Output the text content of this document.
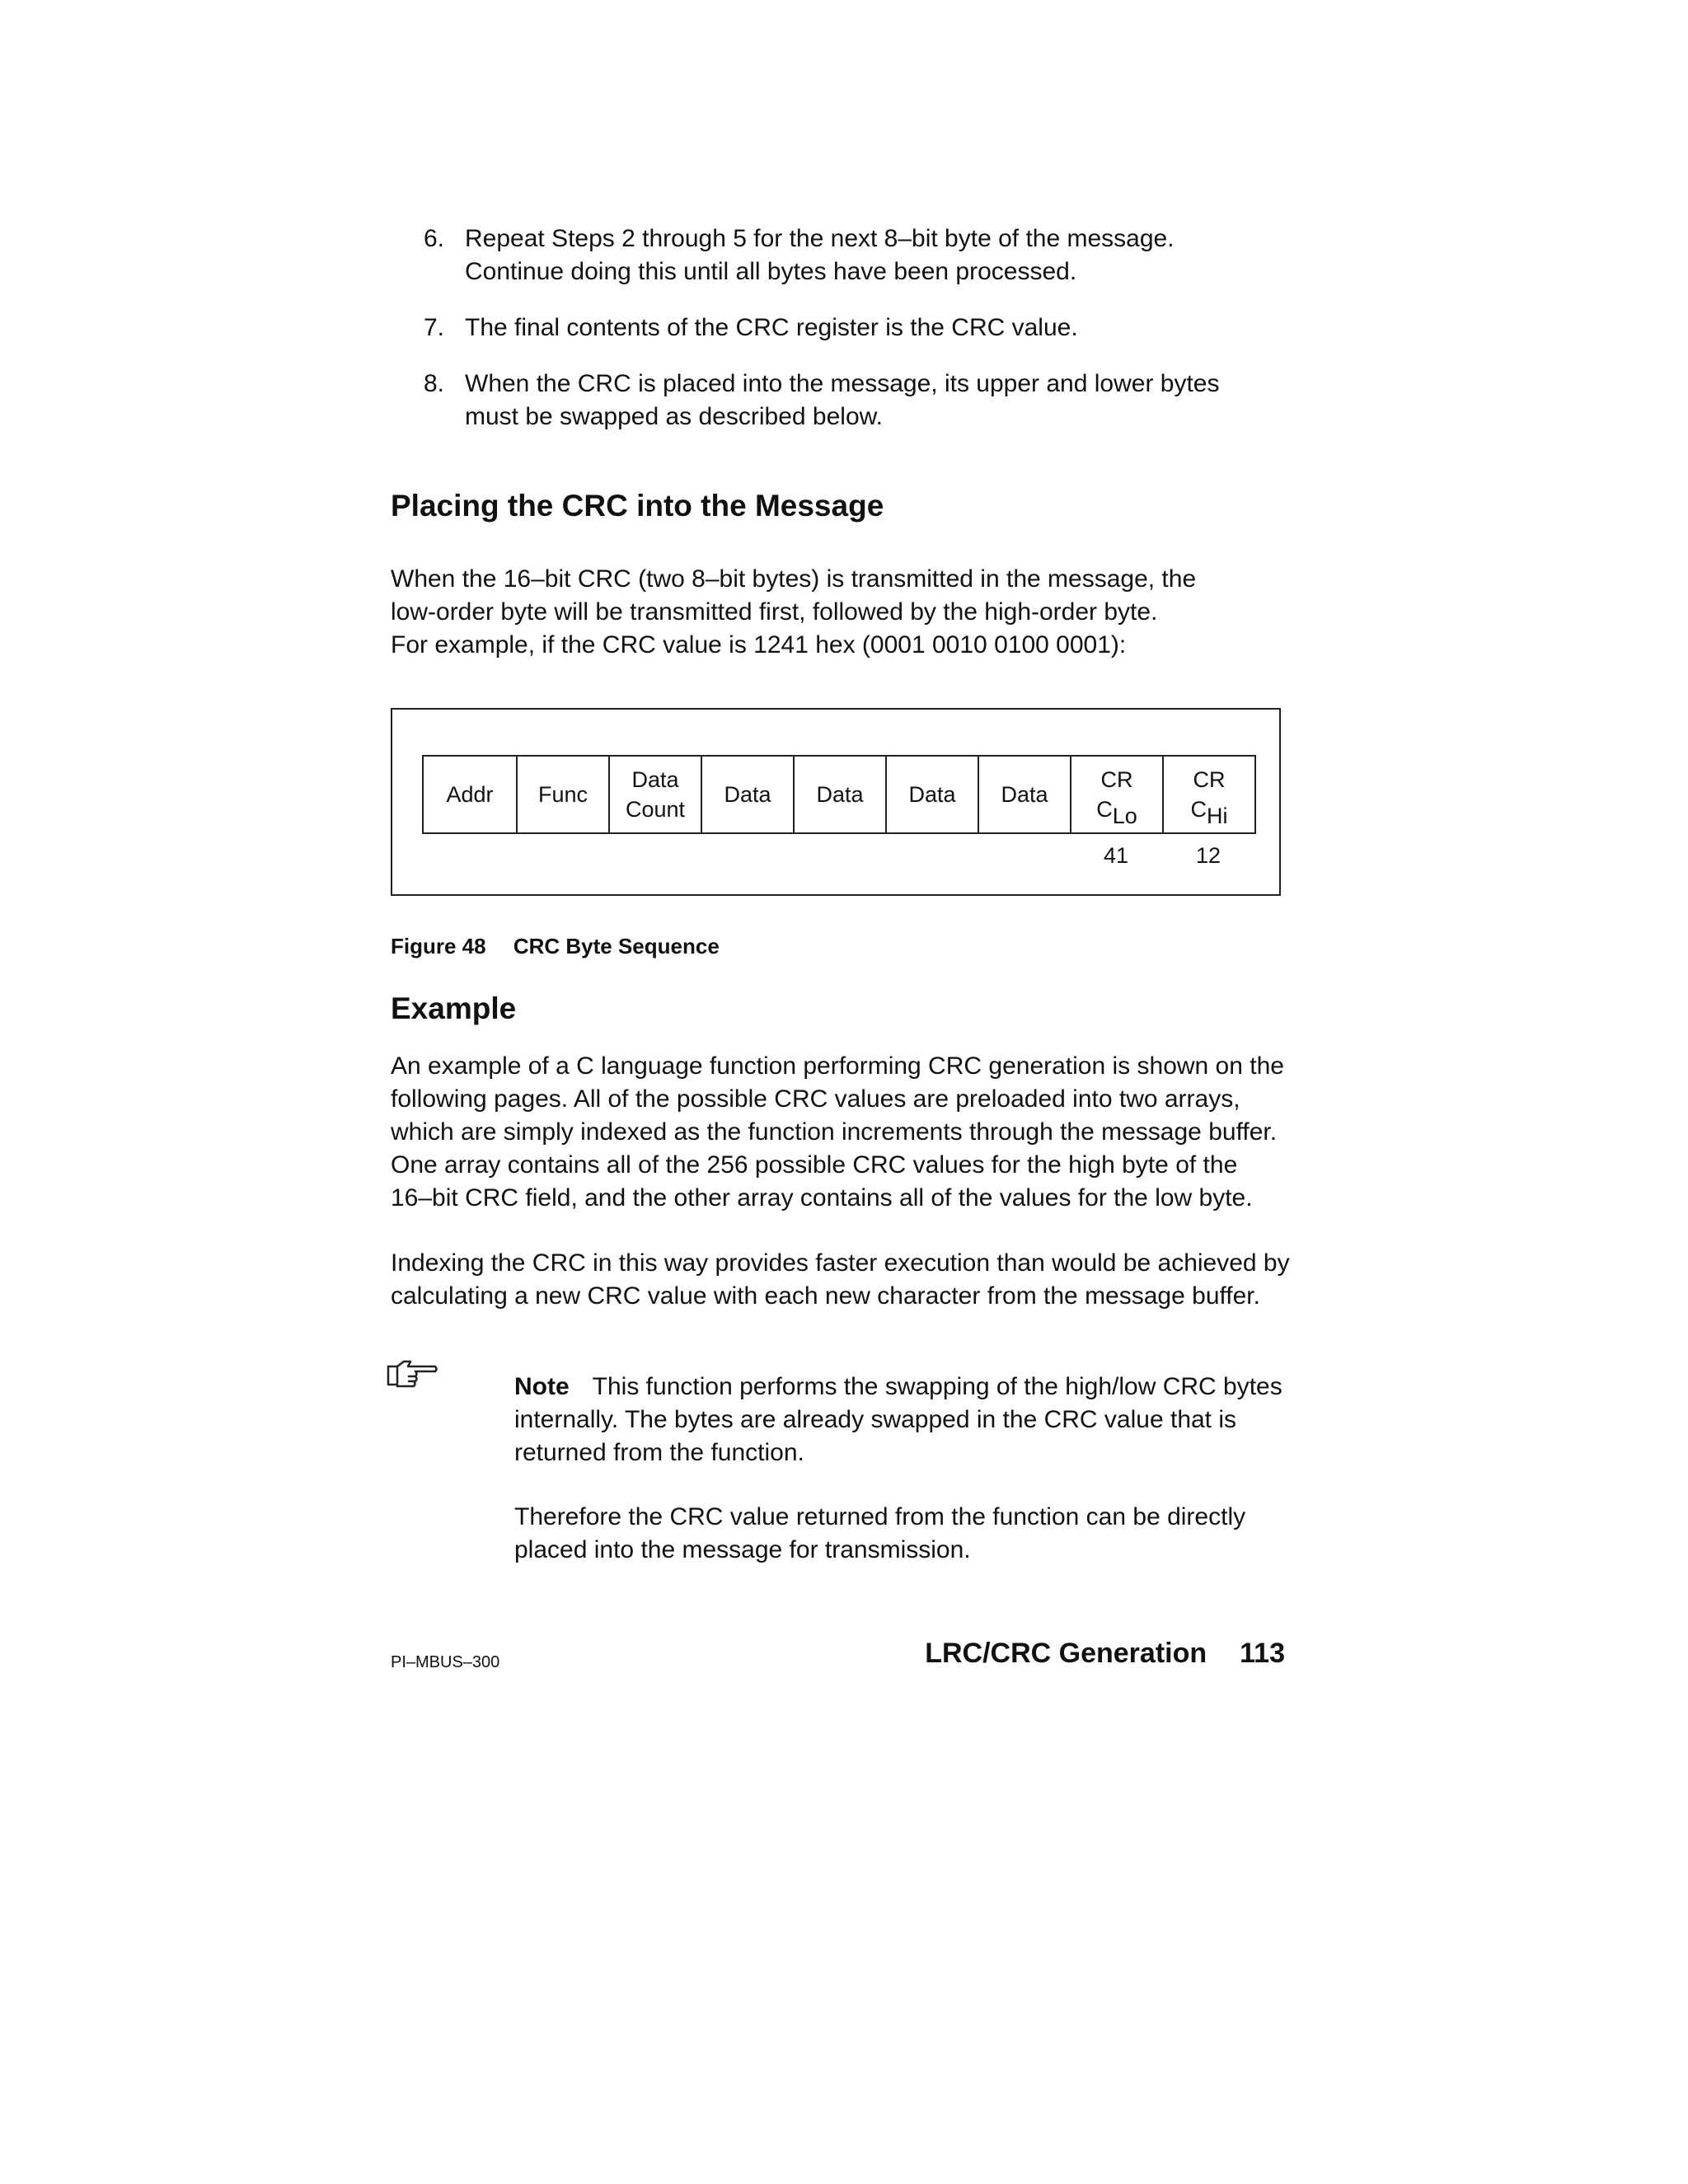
6. Repeat Steps 2 through 5 for the next 8–bit byte of the message.
Continue doing this until all bytes have been processed.
7. The final contents of the CRC register is the CRC value.
8. When the CRC is placed into the message, its upper and lower bytes
must be swapped as described below.
Placing the CRC into the Message
When the 16–bit CRC (two 8–bit bytes) is transmitted in the message, the
low-order byte will be transmitted first, followed by the high-order byte.
For example, if the CRC value is 1241 hex (0001 0010 0100 0001):
Addr Func
Data
Count
Data Data Data Data
CR
$C_{Lo}$
CR
$C_{Hi}$
41	12
Figure 48 CRC Byte Sequence
Example
An example of a C language function performing CRC generation is shown on the
following pages. All of the possible CRC values are preloaded into two arrays,
which are simply indexed as the function increments through the message buffer.
One array contains all of the 256 possible CRC values for the high byte of the
16–bit CRC field, and the other array contains all of the values for the low byte.
Indexing the CRC in this way provides faster execution than would be achieved by
calculating a new CRC value with each new character from the message buffer.
Note This function performs the swapping of the high/low CRC bytes
internally. The bytes are already swapped in the CRC value that is
returned from the function.
Therefore the CRC value returned from the function can be directly
placed into the message for transmission.
PI–MBUS–300	LRC/CRC Generation 113
